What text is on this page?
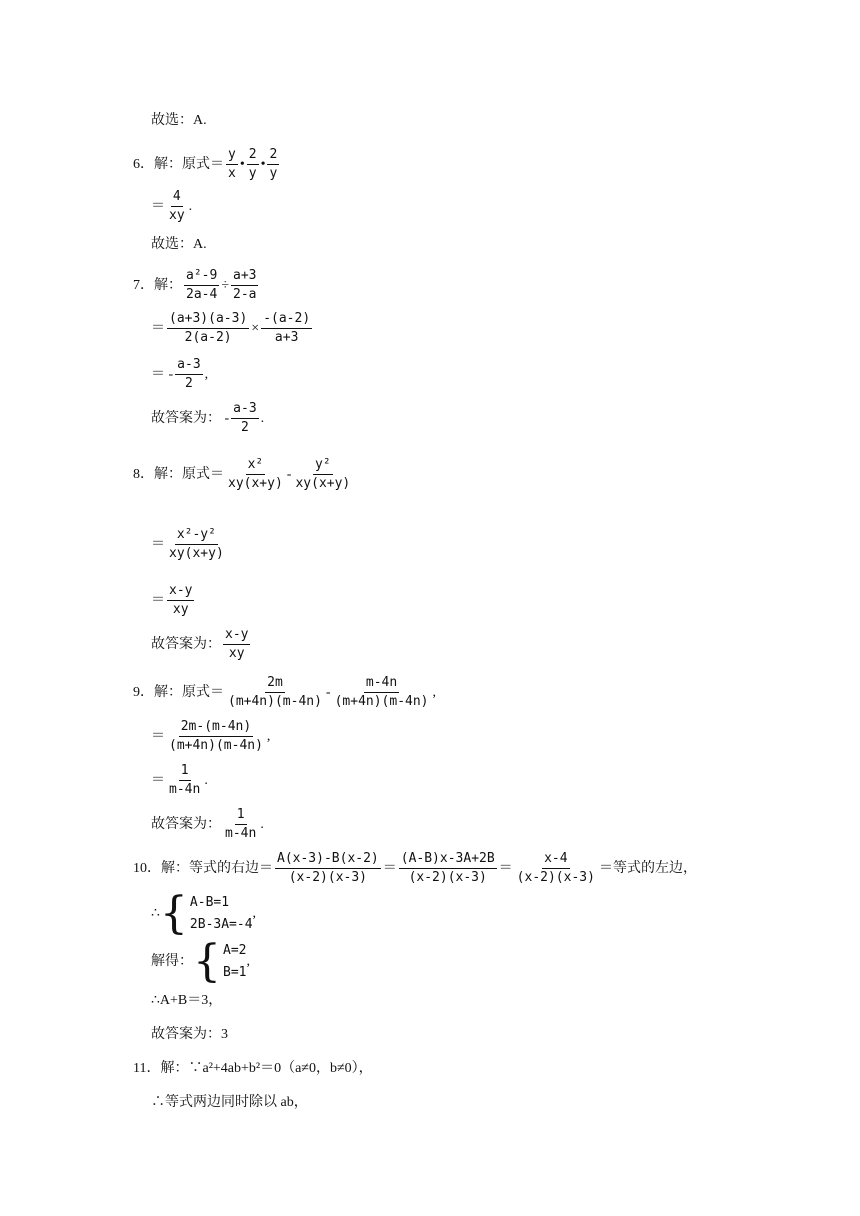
故选：A.
6．解：原式＝ $\frac{y}{x}$ • $\frac{2}{y}$ • $\frac{2}{y}$
＝ $\frac{4}{xy}$ .
故选：A.
7．解： $\frac{\text{a²-9}}{2a-4} \div \frac{a+3}{2-a}$
＝ $\frac{(a+3)(a-3)}{2(a-2)} \times \frac{-(a-2)}{a+3}$
＝ - $\frac{a-3}{2}$ ,
故答案为： - $\frac{a-3}{2}$ .
8．解：原式＝ $\frac{\text{x²}}{xy(x+y)} - \frac{\text{y²}}{xy(x+y)}$
＝ $\frac{\text{x²-y²}}{xy(x+y)}$
＝ $\frac{x-y}{xy}$
故答案为： $\frac{x-y}{xy}$
9．解：原式＝ $\frac{2m}{(m+4n)(m-4n)} - \frac{m-4n}{(m+4n)(m-4n)}$ ,
＝ $\frac{2m-(m-4n)}{(m+4n)(m-4n)}$ ,
＝ $\frac{1}{m-4n}$ .
故答案为： $\frac{1}{m-4n}$ .
10．解：等式的右边＝ $\frac{A(x-3)-B(x-2)}{(x-2)(x-3)} = \frac{(A-B)x-3A+2B}{(x-2)(x-3)} = \frac{x-4}{(x-2)(x-3)}$ ＝等式的左边，
∴ { A-B=1
2B-3A=-4
,
解得： { A=2
B=1
,
∴A+B＝3，
故答案为：3
11．解：∵a²+4ab+b²＝0（a≠0，b≠0），
∴等式两边同时除以 ab，
